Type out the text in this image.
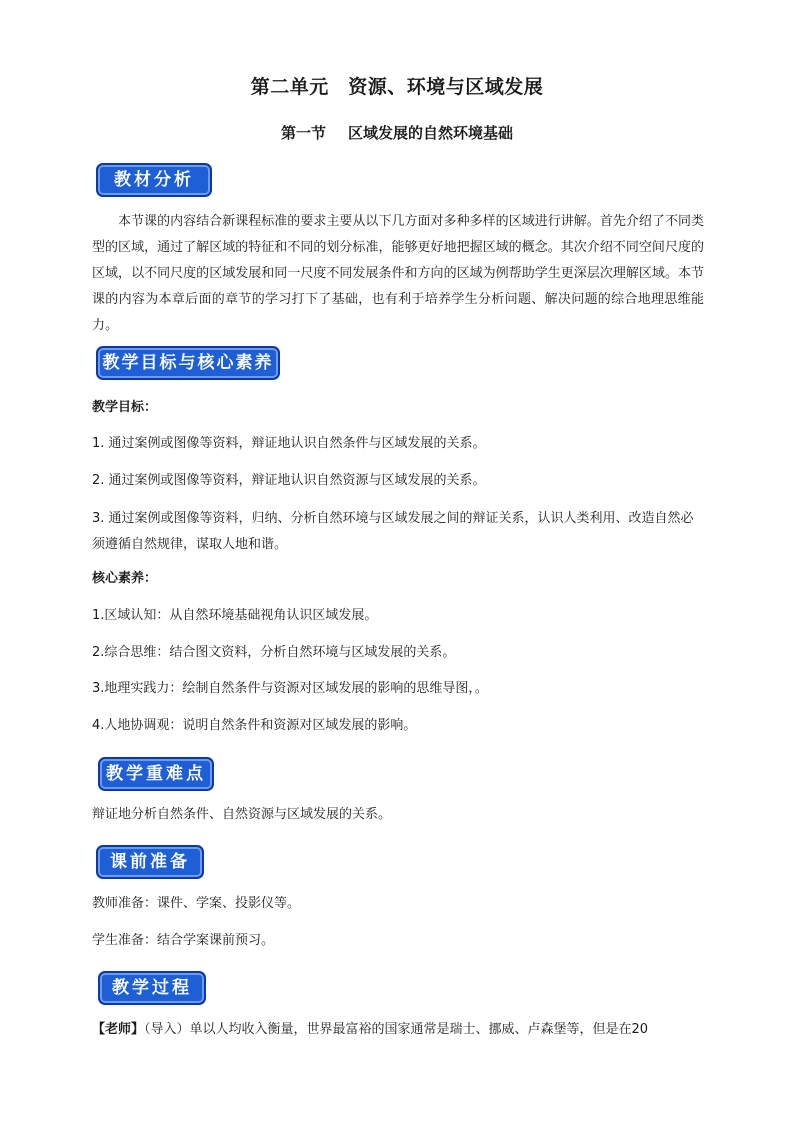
第二单元　资源、环境与区域发展
第一节 区域发展的自然环境基础
教材分析
本节课的内容结合新课程标准的要求主要从以下几方面对多种多样的区域进行讲解。首先介绍了不同类型的区域，通过了解区域的特征和不同的划分标准，能够更好地把握区域的概念。其次介绍不同空间尺度的区域，以不同尺度的区域发展和同一尺度不同发展条件和方向的区域为例帮助学生更深层次理解区域。本节课的内容为本章后面的章节的学习打下了基础，也有利于培养学生分析问题、解决问题的综合地理思维能力。
教学目标与核心素养
教学目标：
1. 通过案例或图像等资料，辩证地认识自然条件与区域发展的关系。
2. 通过案例或图像等资料，辩证地认识自然资源与区域发展的关系。
3. 通过案例或图像等资料，归纳、分析自然环境与区域发展之间的辩证关系，认识人类利用、改造自然必须遵循自然规律，谋取人地和谐。
核心素养：
1.区域认知：从自然环境基础视角认识区域发展。
2.综合思维：结合图文资料，分析自然环境与区域发展的关系。
3.地理实践力：绘制自然条件与资源对区域发展的影响的思维导图，。
4.人地协调观：说明自然条件和资源对区域发展的影响。
教学重难点
辩证地分析自然条件、自然资源与区域发展的关系。
课前准备
教师准备：课件、学案、投影仪等。
学生准备：结合学案课前预习。
教学过程
【老师】（导入）单以人均收入衡量，世界最富裕的国家通常是瑞士、挪威、卢森堡等，但是在20
